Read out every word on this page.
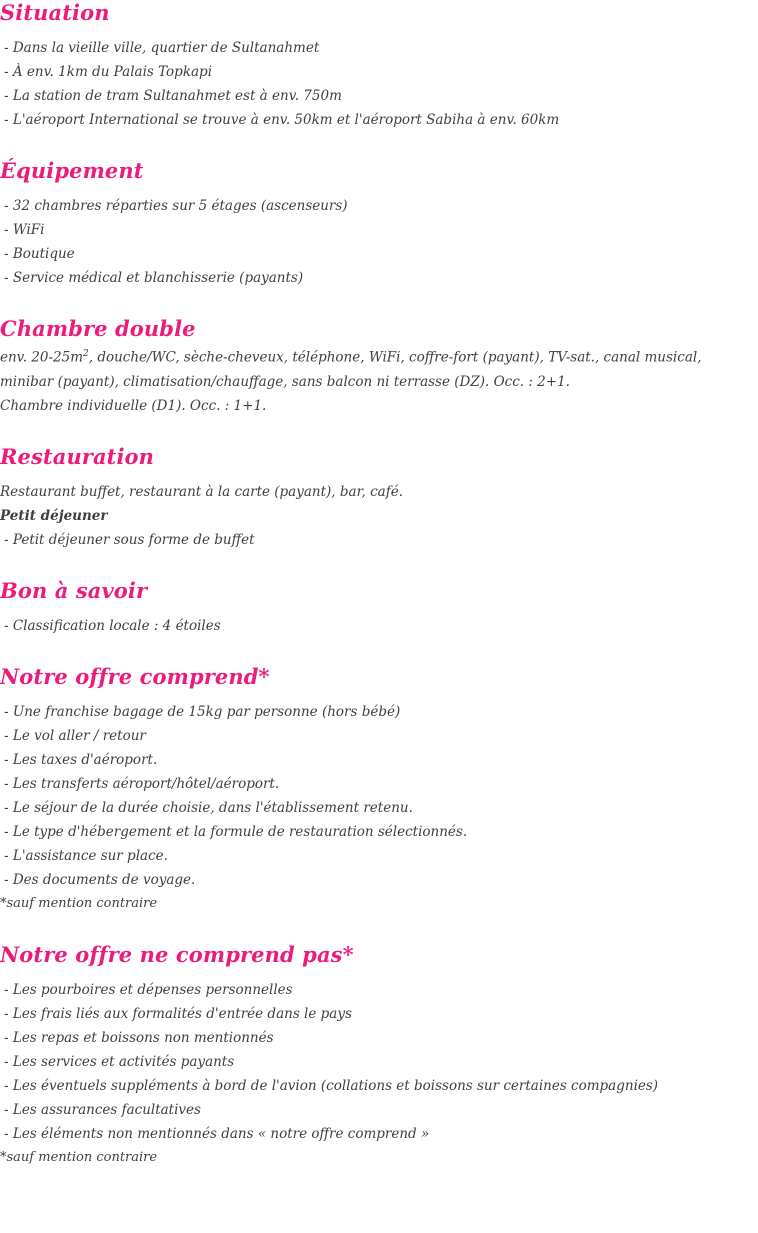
Situation
- Dans la vieille ville, quartier de Sultanahmet
- À env. 1km du Palais Topkapi
- La station de tram Sultanahmet est à env. 750m
- L'aéroport International se trouve à env. 50km et l'aéroport Sabiha à env. 60km
Équipement
- 32 chambres réparties sur 5 étages (ascenseurs)
- WiFi
- Boutique
- Service médical et blanchisserie (payants)
Chambre double
env. $20-25m^2$, douche/WC, sèche-cheveux, téléphone, WiFi, coffre-fort (payant), TV-sat., canal musical, minibar (payant), climatisation/chauffage, sans balcon ni terrasse (DZ). Occ. : 2+1.
Chambre individuelle (D1). Occ. : 1+1.
Restauration
Restaurant buffet, restaurant à la carte (payant), bar, café.
Petit déjeuner
- Petit déjeuner sous forme de buffet
Bon à savoir
- Classification locale : 4 étoiles
Notre offre comprend*
- Une franchise bagage de 15kg par personne (hors bébé)
- Le vol aller / retour
- Les taxes d'aéroport.
- Les transferts aéroport/hôtel/aéroport.
- Le séjour de la durée choisie, dans l'établissement retenu.
- Le type d'hébergement et la formule de restauration sélectionnés.
- L'assistance sur place.
- Des documents de voyage.
*sauf mention contraire
Notre offre ne comprend pas*
- Les pourboires et dépenses personnelles
- Les frais liés aux formalités d'entrée dans le pays
- Les repas et boissons non mentionnés
- Les services et activités payants
- Les éventuels suppléments à bord de l'avion (collations et boissons sur certaines compagnies)
- Les assurances facultatives
- Les éléments non mentionnés dans « notre offre comprend »
*sauf mention contraire
